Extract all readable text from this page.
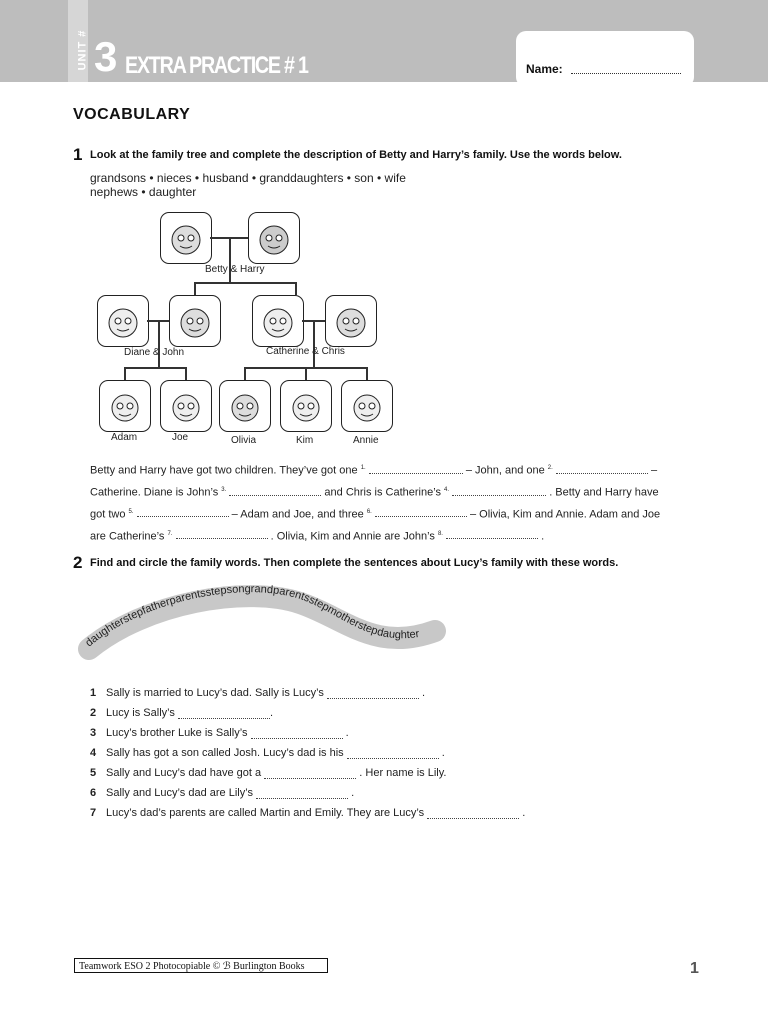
UNIT # 3 EXTRA PRACTICE # 1	Name:
VOCABULARY
1 Look at the family tree and complete the description of Betty and Harry’s family. Use the words below.
grandsons • nieces • husband • granddaughters • son • wife
nephews • daughter
Betty & Harry
Diane & John	Catherine & Chris
Adam	Joe	Olivia	Kim	Annie
Betty and Harry have got two children. They’ve got one $^{1.}$	– John, and one $^{2.}$	–
Catherine. Diane is John’s $^{3.}$	and Chris is Catherine’s $^{4.}$	. Betty and Harry have
got two $^{5.}$	– Adam and Joe, and three $^{6.}$	– Olivia, Kim and Annie. Adam and Joe
are Catherine’s $^{7.}$	. Olivia, Kim and Annie are John’s $^{8.}$	.
2 Find and circle the family words. Then complete the sentences about Lucy’s family with these words.
daughterstepfatherparentsstepsongrandparentsstepmotherstepdaughter
1 Sally is married to Lucy’s dad. Sally is Lucy’s

	.
2 Lucy is Sally’s
	.
3 Lucy’s brother Luke is Sally’s

	.
4 Sally has got a son called Josh. Lucy’s dad is his

	.
5 Sally and Lucy’s dad have got a

	. Her name is Lily.
6 Sally and Lucy’s dad are Lily’s

	.
7 Lucy’s dad’s parents are called Martin and Emily. They are Lucy’s

	.
Teamwork ESO 2 Photocopiable © ℬ Burlington Books	1
